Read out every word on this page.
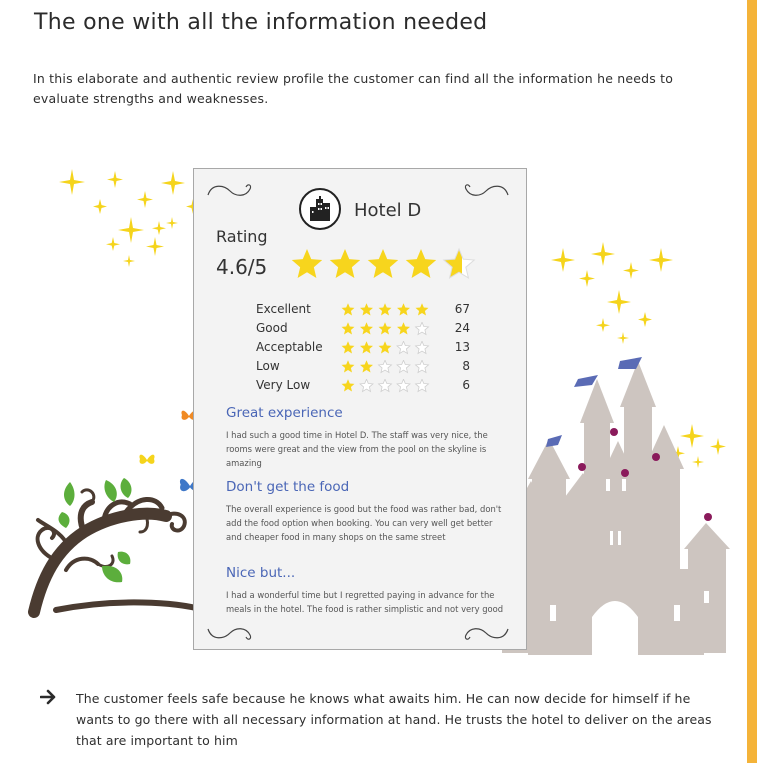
The one with all the information needed
In this elaborate and authentic review profile the customer can find all the information he needs to evaluate strengths and weaknesses.
Hotel D
Rating
4.6/5
Excellent	67
Good	24
Acceptable	13
Low	8
Very Low	6
Great experience
I had such a good time in Hotel D. The staff was very nice, the rooms were great and the view from the pool on the skyline is amazing
Don't get the food
The overall experience is good but the food was rather bad, don't add the food option when booking. You can very well get better and cheaper food in many shops on the same street
Nice but...
I had a wonderful time but I regretted paying in advance for the meals in the hotel. The food is rather simplistic and not very good
The customer feels safe because he knows what awaits him. He can now decide for himself if he wants to go there with all necessary information at hand. He trusts the hotel to deliver on the areas that are important to him
